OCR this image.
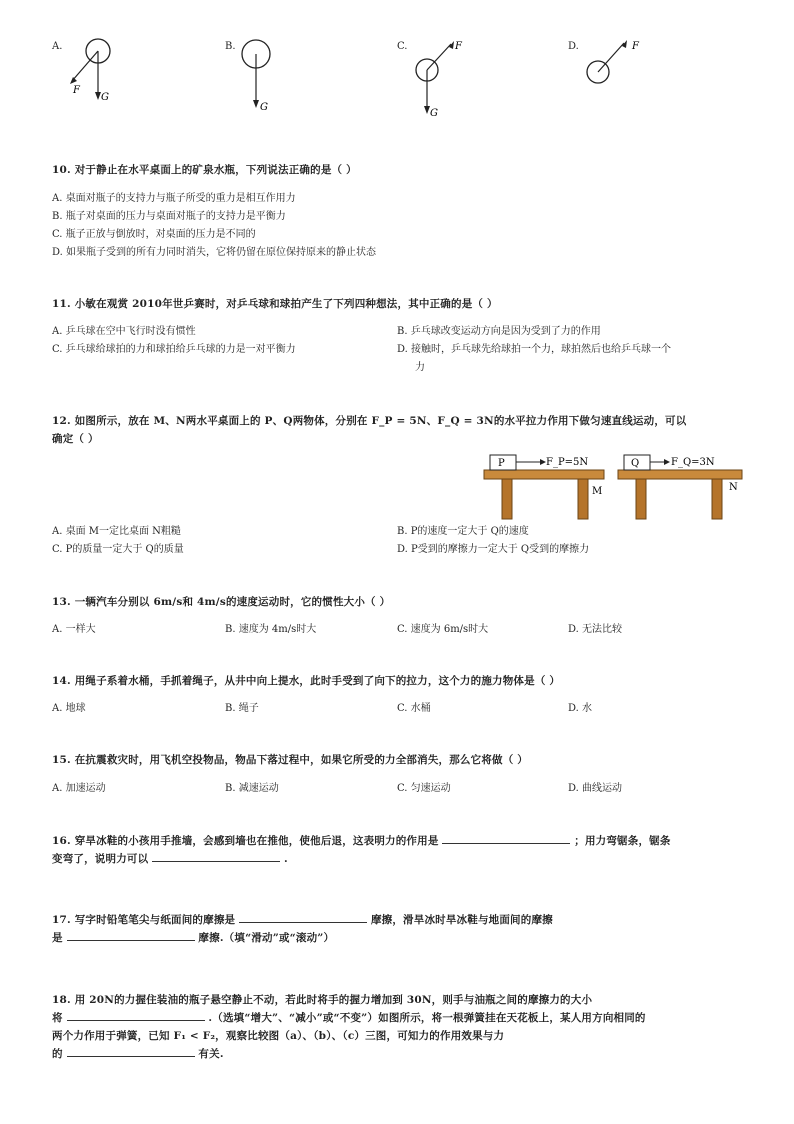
A.
F
G
B.
G
C.	F
G
D.	F
10. 对于静止在水平桌面上的矿泉水瓶，下列说法正确的是（ ）
A. 桌面对瓶子的支持力与瓶子所受的重力是相互作用力
B. 瓶子对桌面的压力与桌面对瓶子的支持力是平衡力
C. 瓶子正放与倒放时，对桌面的压力是不同的
D. 如果瓶子受到的所有力同时消失，它将仍留在原位保持原来的静止状态
11. 小敏在观赏 2010年世乒赛时，对乒乓球和球拍产生了下列四种想法，其中正确的是（ ）
A. 乒乓球在空中飞行时没有惯性	B. 乒乓球改变运动方向是因为受到了力的作用
C. 乒乓球给球拍的力和球拍给乒乓球的力是一对平衡力	D. 接触时，乒乓球先给球拍一个力，球拍然后也给乒乓球一个
力
12. 如图所示，放在 M、N两水平桌面上的 P、Q两物体，分别在 F_P = 5N、F_Q = 3N的水平拉力作用下做匀速直线运动，可以
确定（ ）
P	F_P=5N
M
Q	F_Q=3N
N
A. 桌面 M一定比桌面 N粗糙	B. P的速度一定大于 Q的速度
C. P的质量一定大于 Q的质量	D. P受到的摩擦力一定大于 Q受到的摩擦力
13. 一辆汽车分别以 6m/s和 4m/s的速度运动时，它的惯性大小（ ）
A. 一样大	B. 速度为 4m/s时大	C. 速度为 6m/s时大	D. 无法比较
14. 用绳子系着水桶，手抓着绳子，从井中向上提水，此时手受到了向下的拉力，这个力的施力物体是（ ）
A. 地球	B. 绳子	C. 水桶	D. 水
15. 在抗震救灾时，用飞机空投物品，物品下落过程中，如果它所受的力全部消失，那么它将做（ ）
A. 加速运动	B. 减速运动	C. 匀速运动	D. 曲线运动
16. 穿旱冰鞋的小孩用手推墙，会感到墙也在推他，使他后退，这表明力的作用是	；用力弯锯条，锯条
变弯了，说明力可以	.
17. 写字时铅笔笔尖与纸面间的摩擦是	摩擦，滑旱冰时旱冰鞋与地面间的摩擦
是	摩擦.（填“滑动”或“滚动”）
18. 用 20N的力握住装油的瓶子悬空静止不动，若此时将手的握力增加到 30N，则手与油瓶之间的摩擦力的大小
将	.（选填“增大”、“减小”或“不变”）如图所示，将一根弹簧挂在天花板上，某人用方向相同的
两个力作用于弹簧，已知 F₁ < F₂，观察比较图（a）、（b）、（c）三图，可知力的作用效果与力
的	有关.
